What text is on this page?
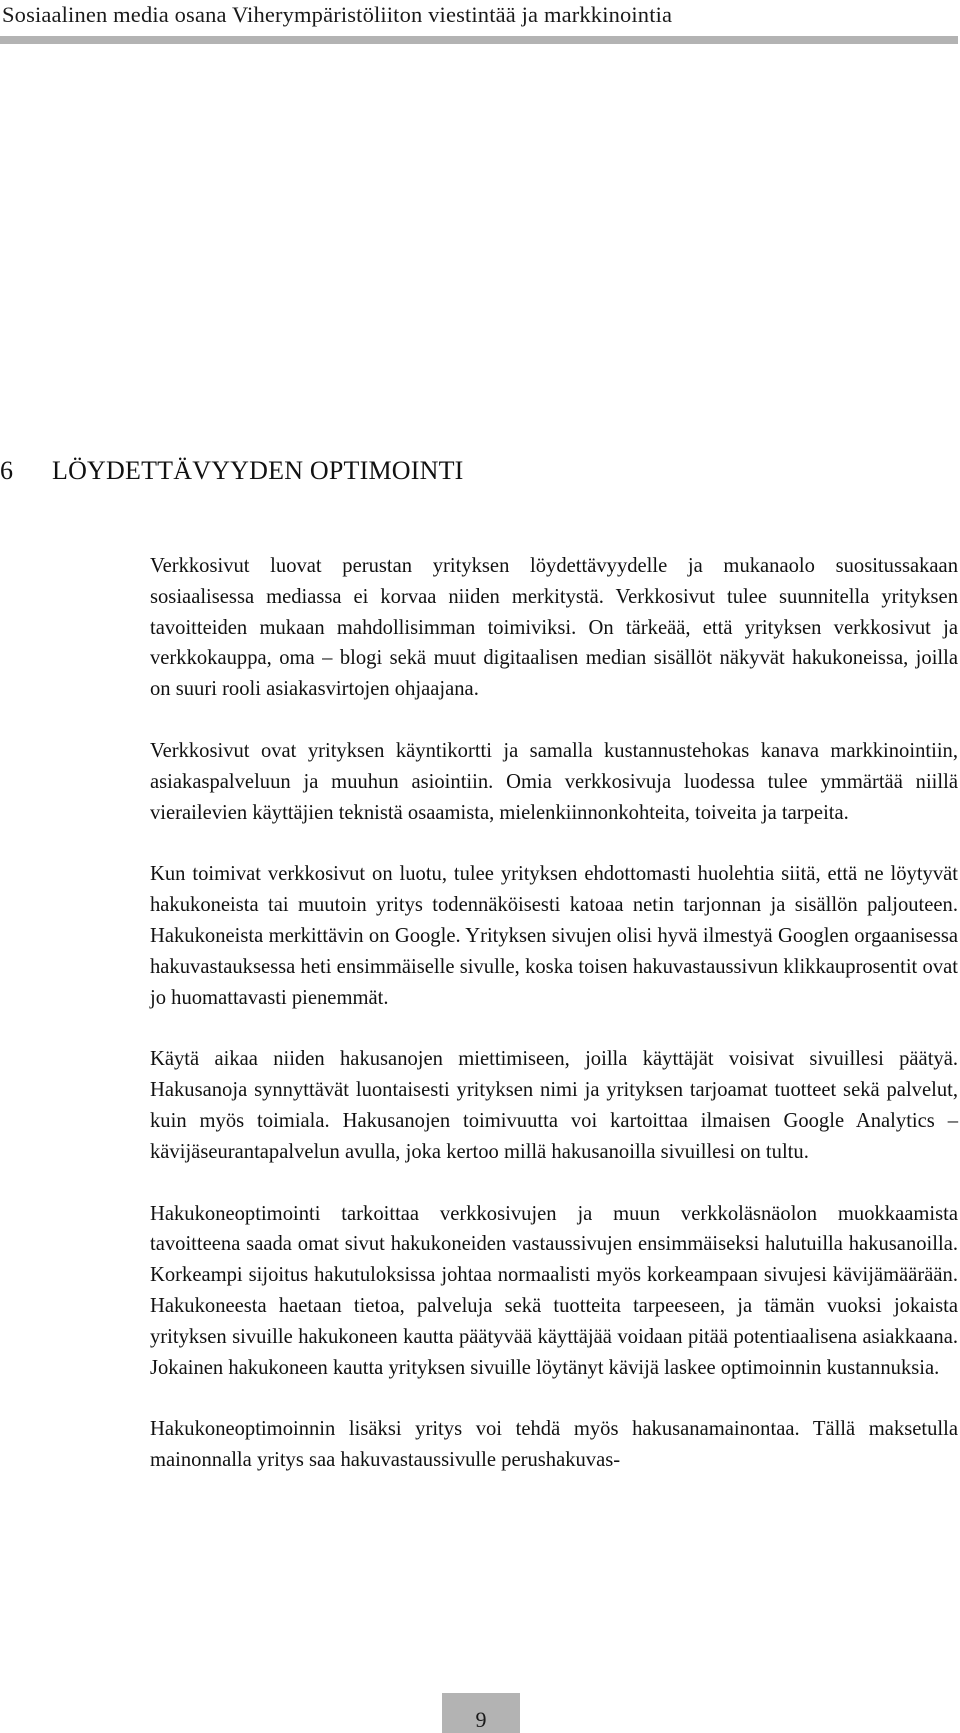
Sosiaalinen media osana Viherympäristöliiton viestintää ja markkinointia
6 LÖYDETTÄVYYDEN OPTIMOINTI

Verkkosivut luovat perustan yrityksen löydettävyydelle ja mukanaolo suositussakaan sosiaalisessa mediassa ei korvaa niiden merkitystä. Verkkosivut tulee suunnitella yrityksen tavoitteiden mukaan mahdollisimman toimiviksi. On tärkeää, että yrityksen verkkosivut ja verkkokauppa, oma – blogi sekä muut digitaalisen median sisällöt näkyvät hakukoneissa, joilla on suuri rooli asiakasvirtojen ohjaajana.

Verkkosivut ovat yrityksen käyntikortti ja samalla kustannustehokas kanava markkinointiin, asiakaspalveluun ja muuhun asiointiin. Omia verkkosivuja luodessa tulee ymmärtää niillä vierailevien käyttäjien teknistä osaamista, mielenkiinnonkohteita, toiveita ja tarpeita.

Kun toimivat verkkosivut on luotu, tulee yrityksen ehdottomasti huolehtia siitä, että ne löytyvät hakukoneista tai muutoin yritys todennäköisesti katoaa netin tarjonnan ja sisällön paljouteen. Hakukoneista merkittävin on Google. Yrityksen sivujen olisi hyvä ilmestyä Googlen orgaanisessa hakuvastauksessa heti ensimmäiselle sivulle, koska toisen hakuvastaussivun klikkauprosentit ovat jo huomattavasti pienemmät.

Käytä aikaa niiden hakusanojen miettimiseen, joilla käyttäjät voisivat sivuillesi päätyä. Hakusanoja synnyttävät luontaisesti yrityksen nimi ja yrityksen tarjoamat tuotteet sekä palvelut, kuin myös toimiala. Hakusanojen toimivuutta voi kartoittaa ilmaisen Google Analytics – kävijäseurantapalvelun avulla, joka kertoo millä hakusanoilla sivuillesi on tultu.

Hakukoneoptimointi tarkoittaa verkkosivujen ja muun verkkoläsnäolon muokkaamista tavoitteena saada omat sivut hakukoneiden vastaussivujen ensimmäiseksi halutuilla hakusanoilla. Korkeampi sijoitus hakutuloksissa johtaa normaalisti myös korkeampaan sivujesi kävijämäärään. Hakukoneesta haetaan tietoa, palveluja sekä tuotteita tarpeeseen, ja tämän vuoksi jokaista yrityksen sivuille hakukoneen kautta päätyvää käyttäjää voidaan pitää potentiaalisena asiakkaana. Jokainen hakukoneen kautta yrityksen sivuille löytänyt kävijä laskee optimoinnin kustannuksia.

Hakukoneoptimoinnin lisäksi yritys voi tehdä myös hakusanamainontaa. Tällä maksetulla mainonnalla yritys saa hakuvastaussivulle perushakuvas-

9
